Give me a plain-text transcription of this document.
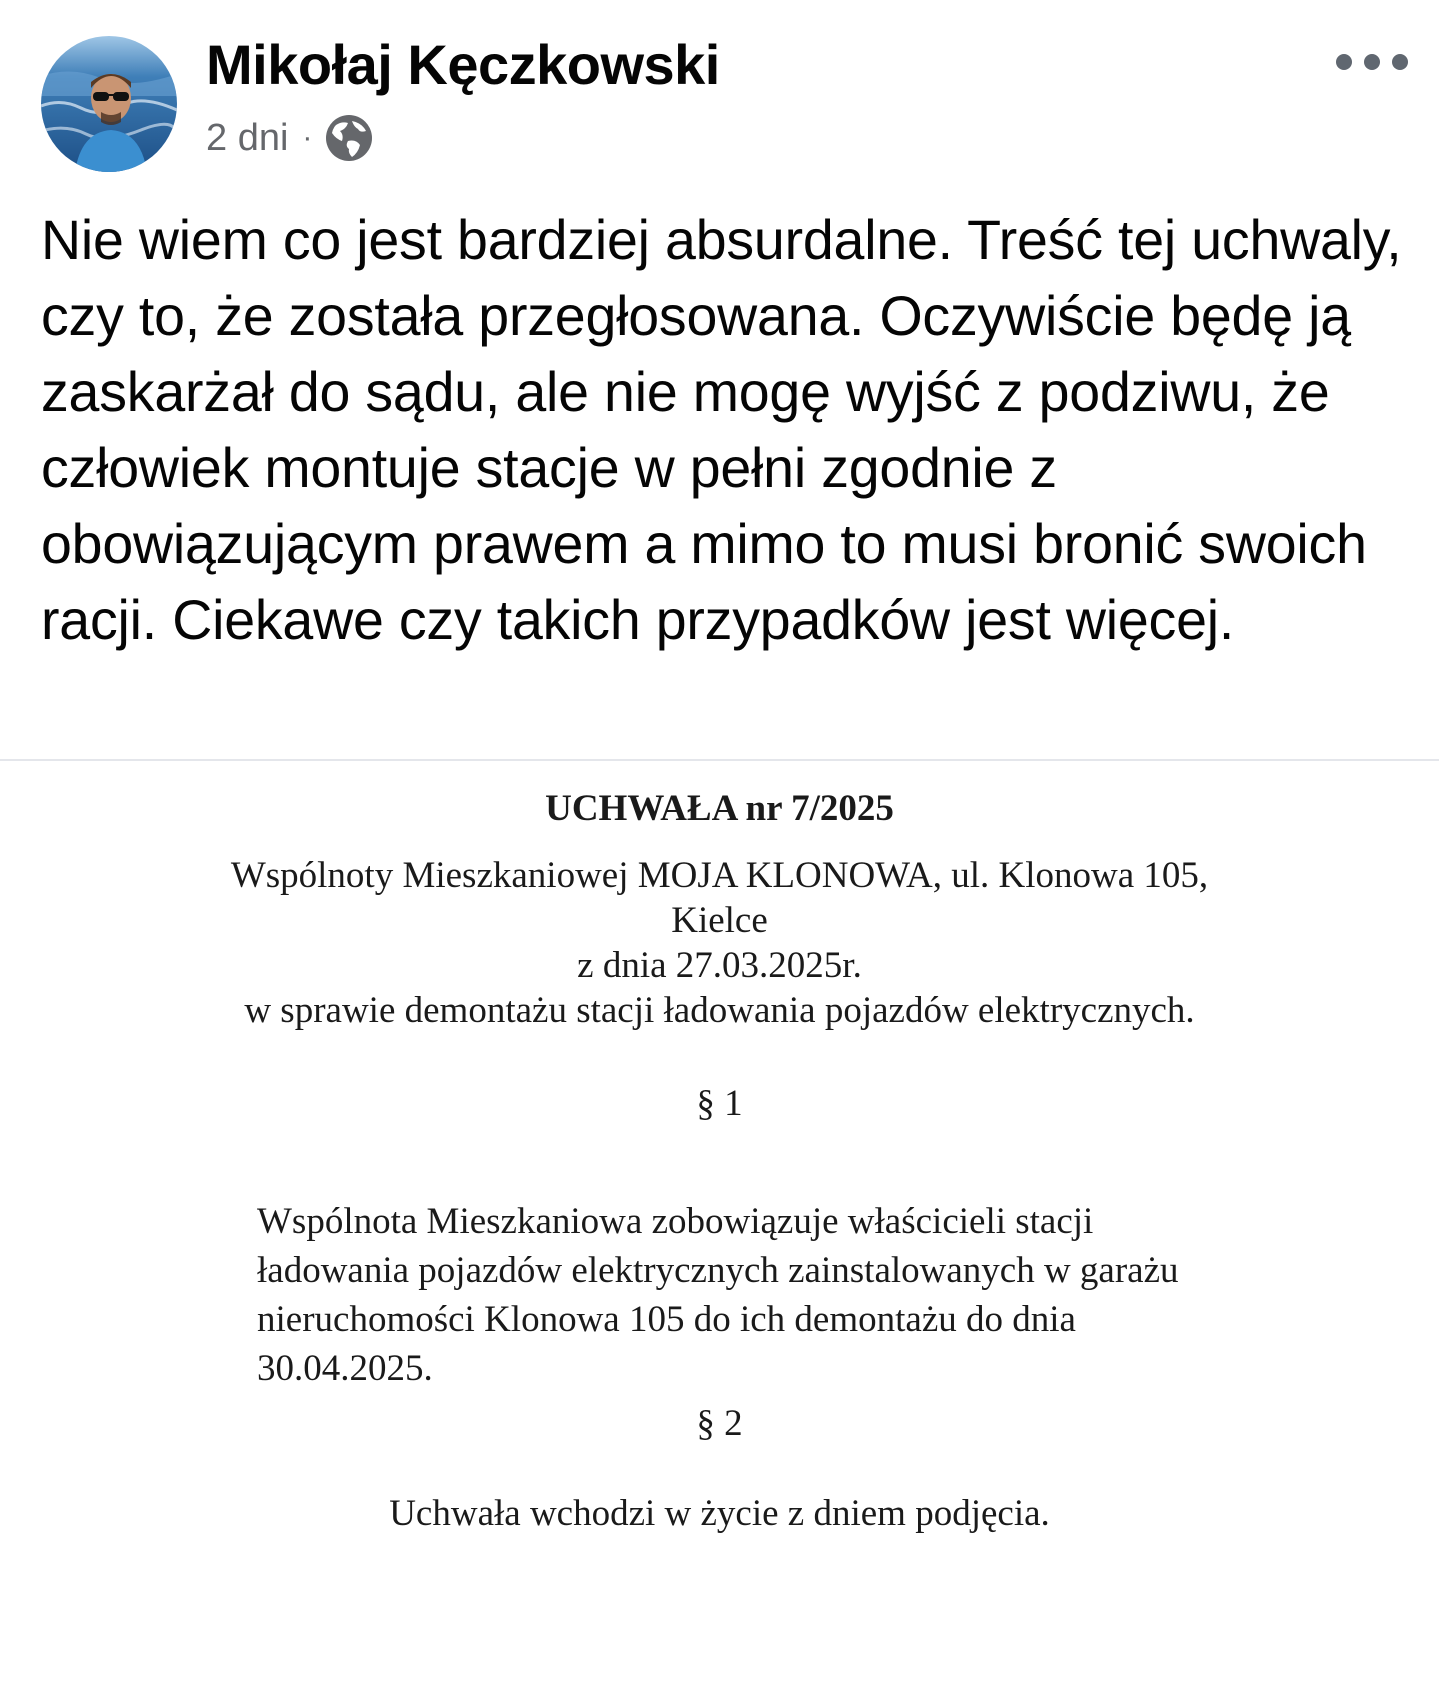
Mikołaj Kęczkowski
2 dni ·
Nie wiem co jest bardziej absurdalne. Treść tej uchwaly, czy to, że została przegłosowana. Oczywiście będę ją zaskarżał do sądu, ale nie mogę wyjść z podziwu, że człowiek montuje stacje w pełni zgodnie z obowiązującym prawem a mimo to musi bronić swoich racji. Ciekawe czy takich przypadków jest więcej.
UCHWAŁA nr 7/2025
Wspólnoty Mieszkaniowej MOJA KLONOWA, ul. Klonowa 105,
Kielce
z dnia 27.03.2025r.
w sprawie demontażu stacji ładowania pojazdów elektrycznych.
§ 1
Wspólnota Mieszkaniowa zobowiązuje właścicieli stacji ładowania pojazdów elektrycznych zainstalowanych w garażu nieruchomości Klonowa 105 do ich demontażu do dnia 30.04.2025.
§ 2
Uchwała wchodzi w życie z dniem podjęcia.
